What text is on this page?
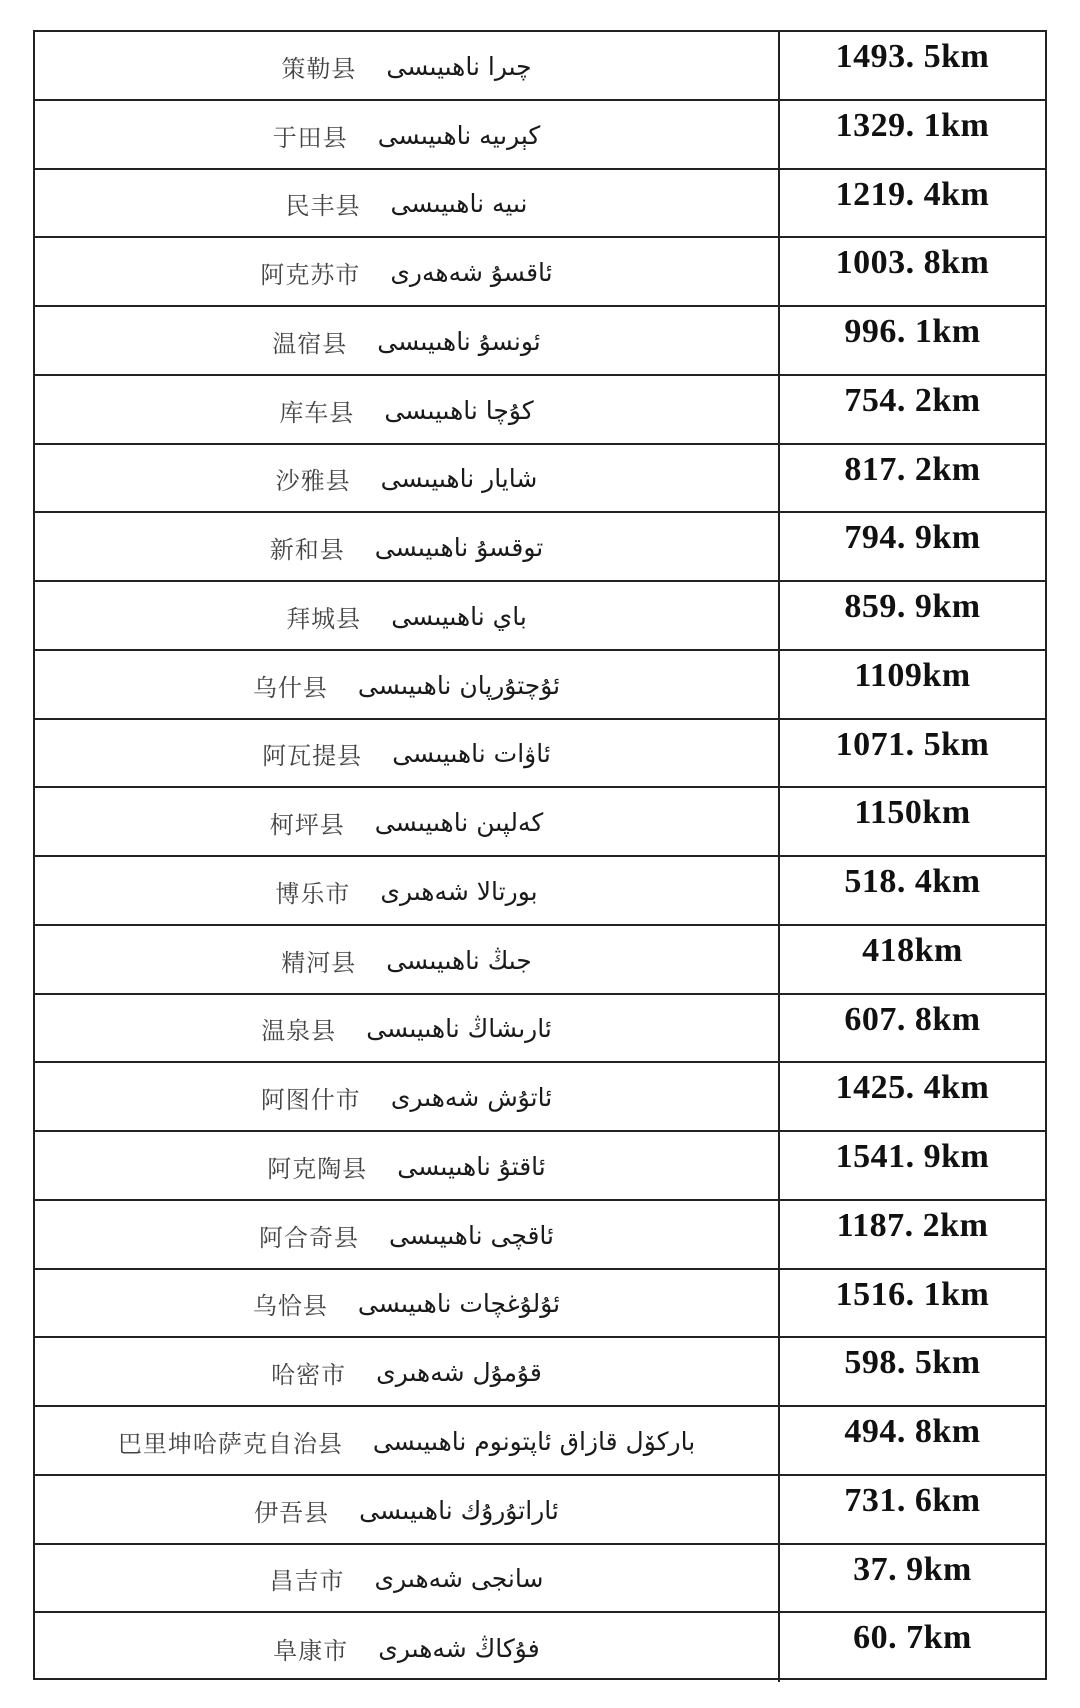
策勒县 چىرا ناھىيىسى	1493. 5km
于田县 كېرىيە ناھىيىسى	1329. 1km
民丰县 نىيە ناھىيىسى	1219. 4km
阿克苏市 ئاقسۇ شەھەرى	1003. 8km
温宿县 ئونسۇ ناھىيىسى	996. 1km
库车县 كۇچا ناھىيىسى	754. 2km
沙雅县 شايار ناھىيىسى	817. 2km
新和县 توقسۇ ناھىيىسى	794. 9km
拜城县 باي ناھىيىسى	859. 9km
乌什县 ئۇچتۇرپان ناھىيىسى	1109km
阿瓦提县 ئاۋات ناھىيىسى	1071. 5km
柯坪县 كەلپىن ناھىيىسى	1150km
博乐市 بورتالا شەھىرى	518. 4km
精河县 جىڭ ناھىيىسى	418km
温泉县 ئارىشاڭ ناھىيىسى	607. 8km
阿图什市 ئاتۇش شەھىرى	1425. 4km
阿克陶县 ئاقتۇ ناھىيىسى	1541. 9km
阿合奇县 ئاقچى ناھىيىسى	1187. 2km
乌恰县 ئۇلۇغچات ناھىيىسى	1516. 1km
哈密市 قۇمۇل شەھىرى	598. 5km
巴里坤哈萨克自治县 باركۆل قازاق ئاپتونوم ناھىيىسى	494. 8km
伊吾县 ئاراتۇرۇك ناھىيىسى	731. 6km
昌吉市 سانجى شەھىرى	37. 9km
阜康市 فۇكاڭ شەھىرى	60. 7km
